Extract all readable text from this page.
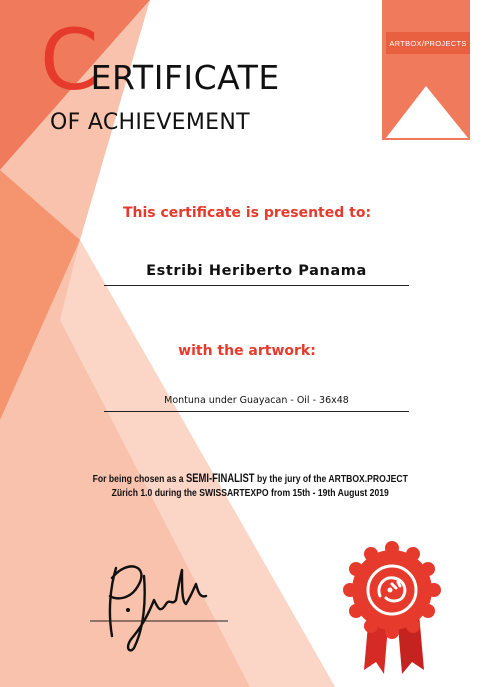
CERTIFICATE
OF ACHIEVEMENT
ARTBOX/PROJECTS
This certificate is presented to:
Estribi Heriberto Panama
with the artwork:
Montuna under Guayacan - Oil - 36x48
For being chosen as a SEMI-FINALIST by the jury of the ARTBOX.PROJECT
Zürich 1.0 during the SWISSARTEXPO from 15th - 19th August 2019
